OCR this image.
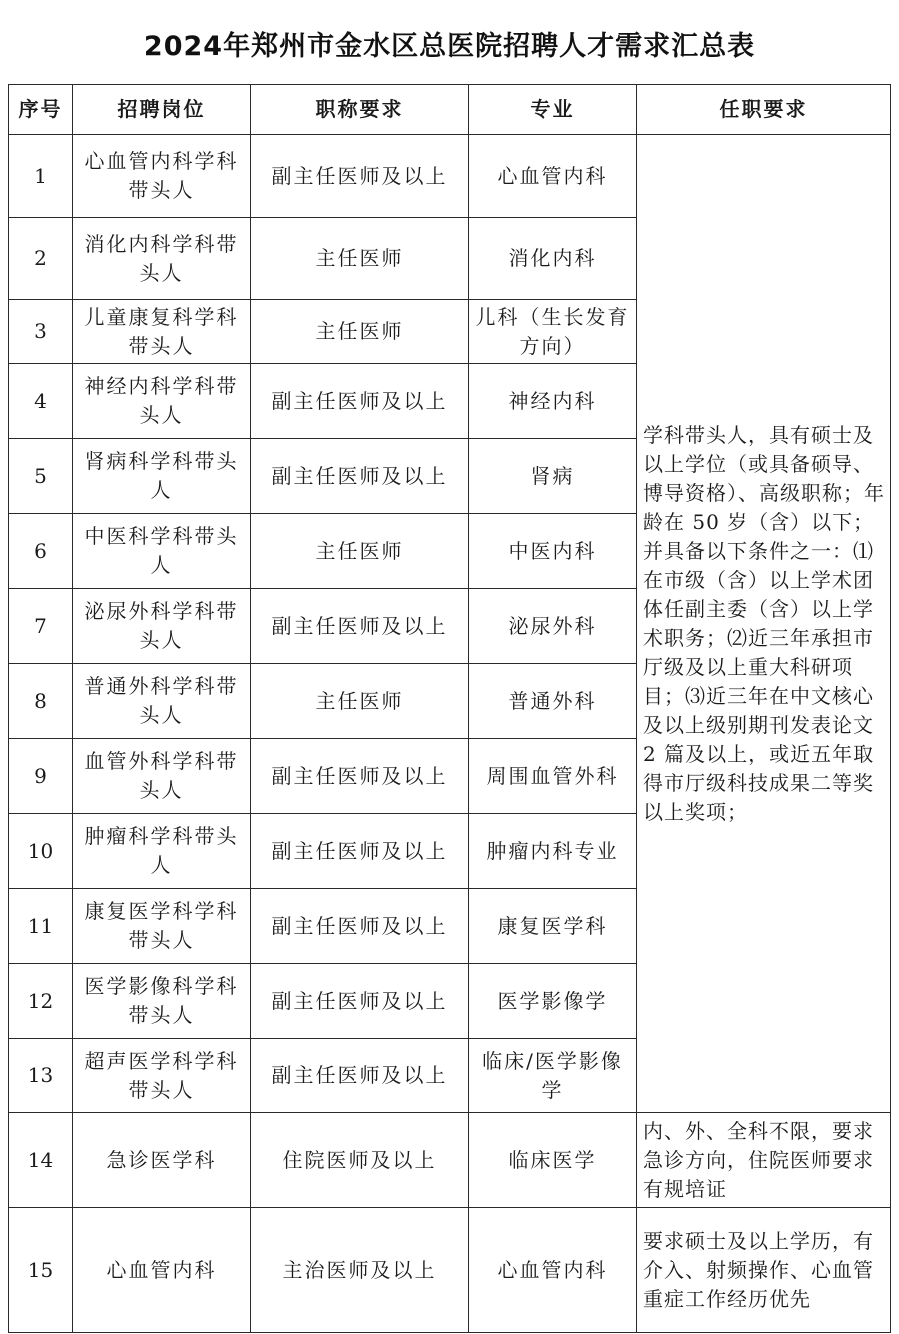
2024年郑州市金水区总医院招聘人才需求汇总表
序号	招聘岗位	职称要求	专业	任职要求
1	心血管内科学科带头人	副主任医师及以上	心血管内科	学科带头人，具有硕士及以上学位（或具备硕导、博导资格）、高级职称；年龄在 50 岁（含）以下；并具备以下条件之一：⑴在市级（含）以上学术团体任副主委（含）以上学术职务；⑵近三年承担市厅级及以上重大科研项目；⑶近三年在中文核心及以上级别期刊发表论文 2 篇及以上，或近五年取得市厅级科技成果二等奖以上奖项；
2	消化内科学科带头人	主任医师	消化内科	
3	儿童康复科学科带头人	主任医师	儿科（生长发育方向）	
4	神经内科学科带头人	副主任医师及以上	神经内科	
5	肾病科学科带头人	副主任医师及以上	肾病	
6	中医科学科带头人	主任医师	中医内科	
7	泌尿外科学科带头人	副主任医师及以上	泌尿外科	
8	普通外科学科带头人	主任医师	普通外科	
9	血管外科学科带头人	副主任医师及以上	周围血管外科	
10	肿瘤科学科带头人	副主任医师及以上	肿瘤内科专业	
11	康复医学科学科带头人	副主任医师及以上	康复医学科	
12	医学影像科学科带头人	副主任医师及以上	医学影像学	
13	超声医学科学科带头人	副主任医师及以上	临床/医学影像学	
14	急诊医学科	住院医师及以上	临床医学	内、外、全科不限，要求急诊方向，住院医师要求有规培证
15	心血管内科	主治医师及以上	心血管内科	要求硕士及以上学历，有介入、射频操作、心血管重症工作经历优先
